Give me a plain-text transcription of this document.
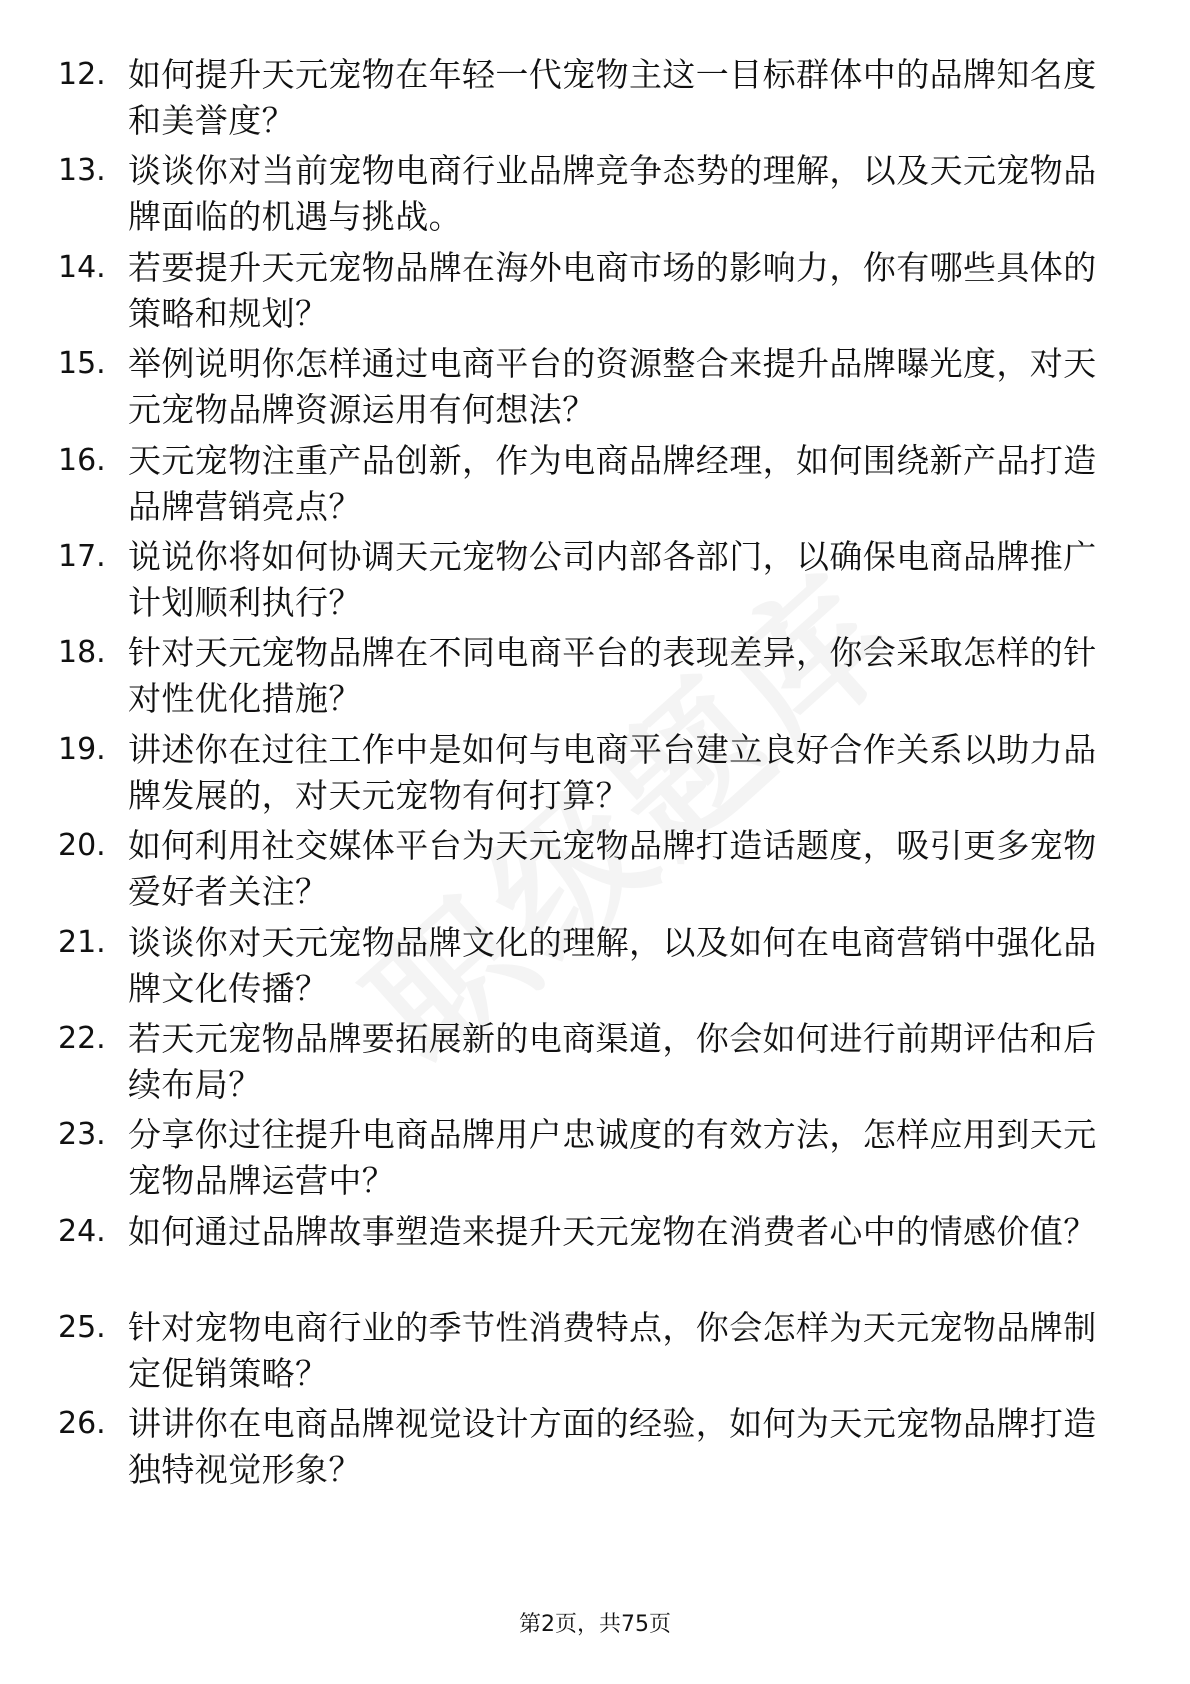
12. 如何提升天元宠物在年轻一代宠物主这一目标群体中的品牌知名度和美誉度？
13. 谈谈你对当前宠物电商行业品牌竞争态势的理解，以及天元宠物品牌面临的机遇与挑战。
14. 若要提升天元宠物品牌在海外电商市场的影响力，你有哪些具体的策略和规划？
15. 举例说明你怎样通过电商平台的资源整合来提升品牌曝光度，对天元宠物品牌资源运用有何想法？
16. 天元宠物注重产品创新，作为电商品牌经理，如何围绕新产品打造品牌营销亮点？
17. 说说你将如何协调天元宠物公司内部各部门，以确保电商品牌推广计划顺利执行？
18. 针对天元宠物品牌在不同电商平台的表现差异，你会采取怎样的针对性优化措施？
19. 讲述你在过往工作中是如何与电商平台建立良好合作关系以助力品牌发展的，对天元宠物有何打算？
20. 如何利用社交媒体平台为天元宠物品牌打造话题度，吸引更多宠物爱好者关注？
21. 谈谈你对天元宠物品牌文化的理解，以及如何在电商营销中强化品牌文化传播？
22. 若天元宠物品牌要拓展新的电商渠道，你会如何进行前期评估和后续布局？
23. 分享你过往提升电商品牌用户忠诚度的有效方法，怎样应用到天元宠物品牌运营中？
24. 如何通过品牌故事塑造来提升天元宠物在消费者心中的情感价值？
25. 针对宠物电商行业的季节性消费特点，你会怎样为天元宠物品牌制定促销策略？
26. 讲讲你在电商品牌视觉设计方面的经验，如何为天元宠物品牌打造独特视觉形象？
第2页，共75页
